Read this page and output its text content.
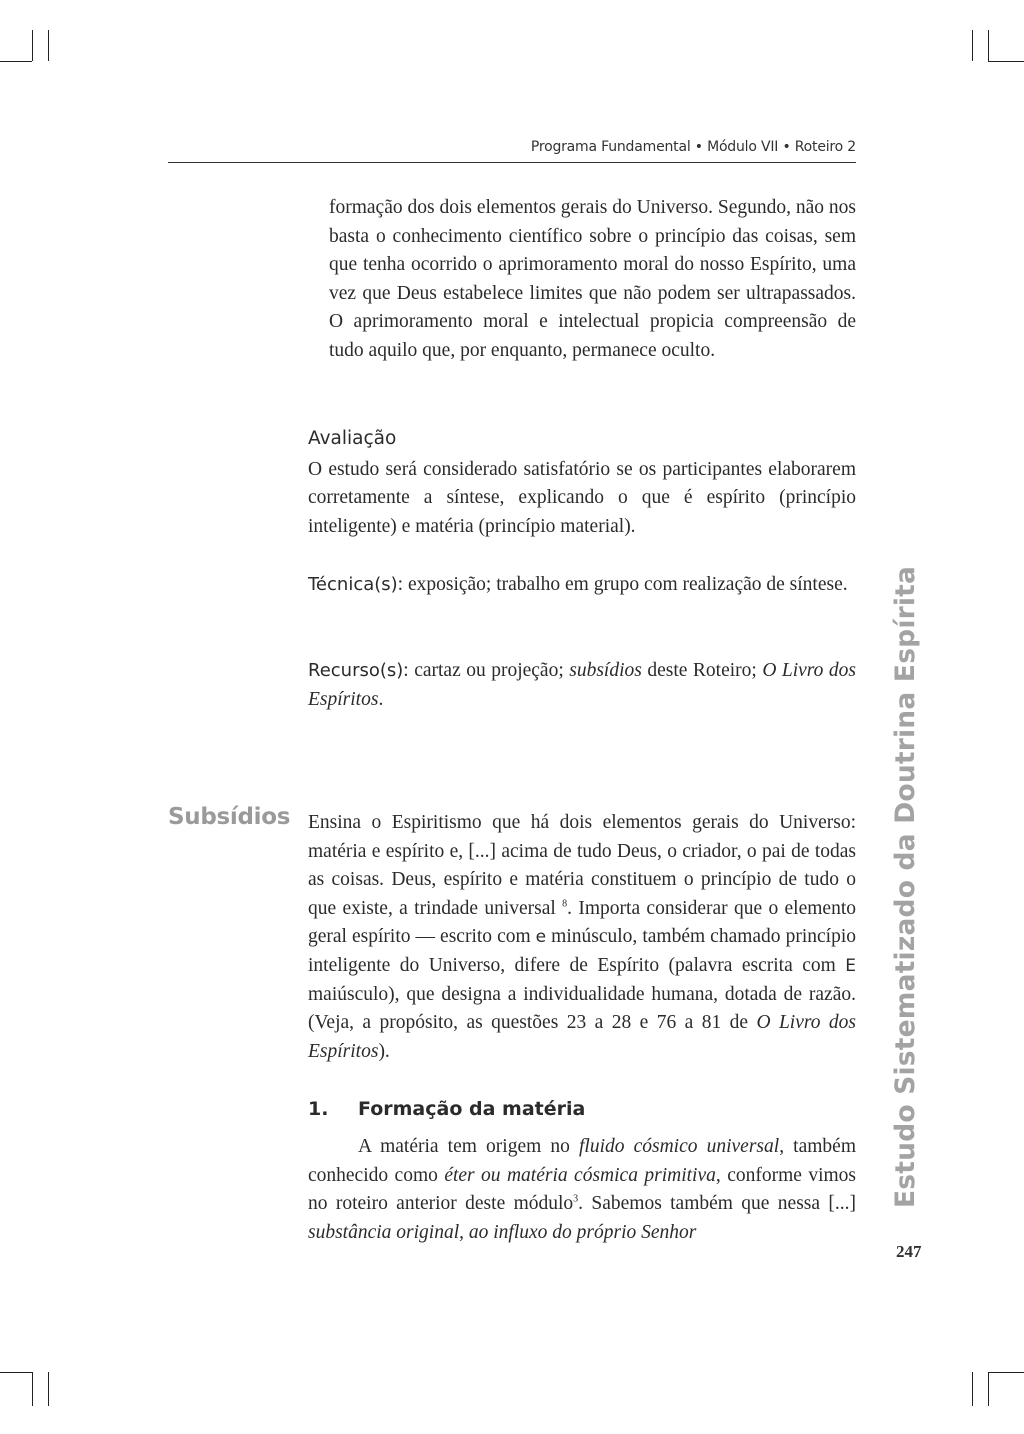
Programa Fundamental • Módulo VII • Roteiro 2

formação dos dois elementos gerais do Universo. Segundo, não nos basta o conhecimento científico sobre o princípio das coisas, sem que tenha ocorrido o aprimoramento moral do nosso Espírito, uma vez que Deus estabelece limites que não podem ser ultrapassados. O aprimoramento moral e intelectual propicia compreensão de tudo aquilo que, por enquanto, permanece oculto.

Avaliação

O estudo será considerado satisfatório se os participantes elaborarem corretamente a síntese, explicando o que é espírito (princípio inteligente) e matéria (princípio material).

Técnica(s): exposição; trabalho em grupo com realização de síntese.

Recurso(s): cartaz ou projeção; subsídios deste Roteiro; O Livro dos Espíritos.

Subsídios Ensina o Espiritismo que há dois elementos gerais do Universo: matéria e espírito e, [...] acima de tudo Deus, o criador, o pai de todas as coisas. Deus, espírito e matéria constituem o princípio de tudo o que existe, a trindade universal $^8$. Importa considerar que o elemento geral espírito — escrito com e minúsculo, também chamado princípio inteligente do Universo, difere de Espírito (palavra escrita com E maiúsculo), que designa a individualidade humana, dotada de razão. (Veja, a propósito, as questões 23 a 28 e 76 a 81 de O Livro dos Espíritos).

1. Formação da matéria

A matéria tem origem no fluido cósmico universal, também conhecido como éter ou matéria cósmica primitiva, conforme vimos no roteiro anterior deste módulo$^3$. Sabemos também que nessa [...] substância original, ao influxo do próprio Senhor

Estudo Sistematizado da Doutrina Espírita
247
